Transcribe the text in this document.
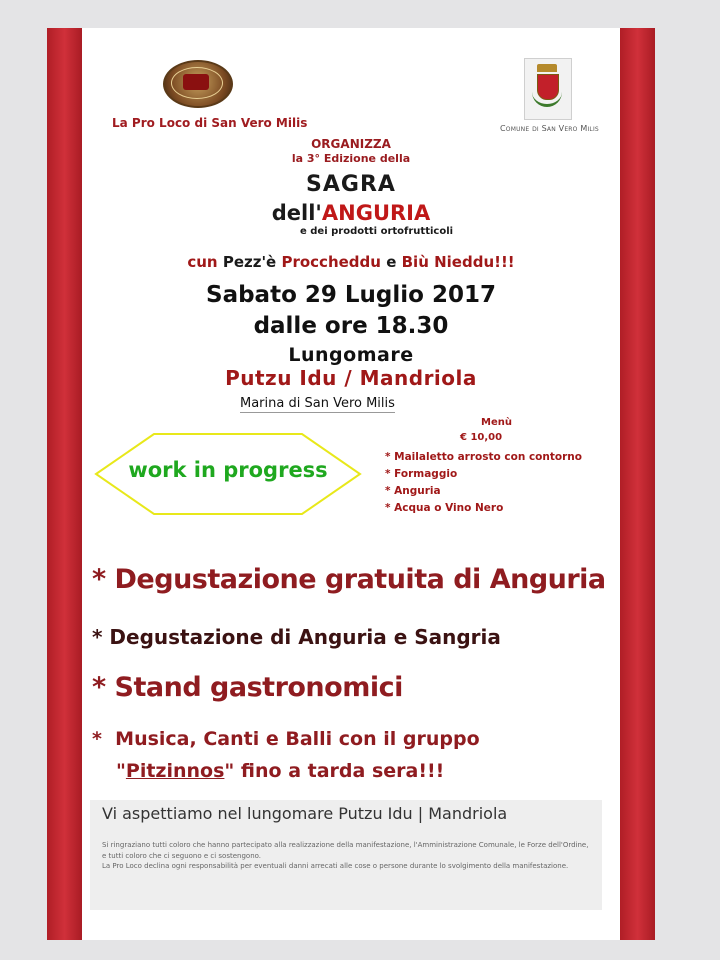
La Pro Loco di San Vero Milis	Comune di San Vero Milis
ORGANIZZA
la 3° Edizione della
SAGRA
dell'ANGURIA
e dei prodotti ortofrutticoli
cun Pezz'è Proccheddu e Biù Nieddu!!!
Sabato 29 Luglio 2017
dalle ore 18.30
Lungomare
Putzu Idu / Mandriola
Marina di San Vero Milis
work in progress
Menù
€ 10,00
* Mailaletto arrosto con contorno
* Formaggio
* Anguria
* Acqua o Vino Nero
* Degustazione gratuita di Anguria
* Degustazione di Anguria e Sangria
* Stand gastronomici
*  Musica, Canti e Balli con il gruppo
"Pitzinnos" fino a tarda sera!!!
Vi aspettiamo nel lungomare Putzu Idu | Mandriola
Si ringraziano tutti coloro che hanno partecipato alla realizzazione della manifestazione, l'Amministrazione Comunale, le Forze dell'Ordine, e tutti coloro che ci seguono e ci sostengono.
La Pro Loco declina ogni responsabilità per eventuali danni arrecati alle cose o persone durante lo svolgimento della manifestazione.
